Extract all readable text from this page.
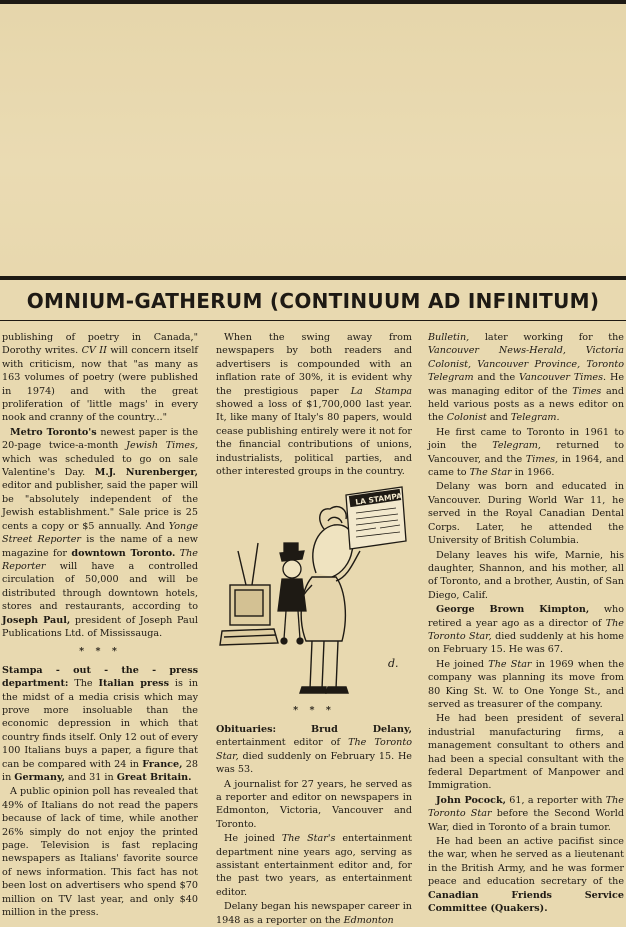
OMNIUM-GATHERUM (CONTINUUM AD INFINITUM)

publishing of poetry in Canada," Dorothy writes. CV II will concern itself with criticism, now that "as many as 163 volumes of poetry (were published in 1974) and with the great proliferation of 'little mags' in every nook and cranny of the country..."

Metro Toronto's newest paper is the 20-page twice-a-month Jewish Times, which was scheduled to go on sale Valentine's Day. M.J. Nurenberger, editor and publisher, said the paper will be "absolutely independent of the Jewish establishment." Sale price is 25 cents a copy or $5 annually. And Yonge Street Reporter is the name of a new magazine for downtown Toronto. The Reporter will have a controlled circulation of 50,000 and will be distributed through downtown hotels, stores and restaurants, according to Joseph Paul, president of Joseph Paul Publications Ltd. of Mississauga.

* * *

Stampa - out - the - press department: The Italian press is in the midst of a media crisis which may prove more insoluable than the economic depression in which that country finds itself. Only 12 out of every 100 Italians buys a paper, a figure that can be compared with 24 in France, 28 in Germany, and 31 in Great Britain.

A public opinion poll has revealed that 49% of Italians do not read the papers because of lack of time, while another 26% simply do not enjoy the printed page. Television is fast replacing newspapers as Italians' favorite source of news information. This fact has not been lost on advertisers who spend $70 million on TV last year, and only $40 million in the press.

When the swing away from newspapers by both readers and advertisers is compounded with an inflation rate of 30%, it is evident why the prestigious paper La Stampa showed a loss of $1,700,000 last year. It, like many of Italy's 80 papers, would cease publishing entirely were it not for the financial contributions of unions, industrialists, political parties, and other interested groups in the country.

LA STAMPA
d.

* * *

Obituaries: Brud Delany, entertainment editor of The Toronto Star, died suddenly on February 15. He was 53.

A journalist for 27 years, he served as a reporter and editor on newspapers in Edmonton, Victoria, Vancouver and Toronto.

He joined The Star's entertainment department nine years ago, serving as assistant entertainment editor and, for the past two years, as entertainment editor.

Delany began his newspaper career in 1948 as a reporter on the Edmonton

Bulletin, later working for the Vancouver News-Herald, Victoria Colonist, Vancouver Province, Toronto Telegram and the Vancouver Times. He was managing editor of the Times and held various posts as a news editor on the Colonist and Telegram.

He first came to Toronto in 1961 to join the Telegram, returned to Vancouver, and the Times, in 1964, and came to The Star in 1966.

Delany was born and educated in Vancouver. During World War 11, he served in the Royal Canadian Dental Corps. Later, he attended the University of British Columbia.

Delany leaves his wife, Marnie, his daughter, Shannon, and his mother, all of Toronto, and a brother, Austin, of San Diego, Calif.

George Brown Kimpton, who retired a year ago as a director of The Toronto Star, died suddenly at his home on February 15. He was 67.

He joined The Star in 1969 when the company was planning its move from 80 King St. W. to One Yonge St., and served as treasurer of the company.

He had been president of several industrial manufacturing firms, a management consultant to others and had been a special consultant with the federal Department of Manpower and Immigration.

John Pocock, 61, a reporter with The Toronto Star before the Second World War, died in Toronto of a brain tumor.

He had been an active pacifist since the war, when he served as a lieutenant in the British Army, and he was former peace and education secretary of the Canadian Friends Service Committee (Quakers).
